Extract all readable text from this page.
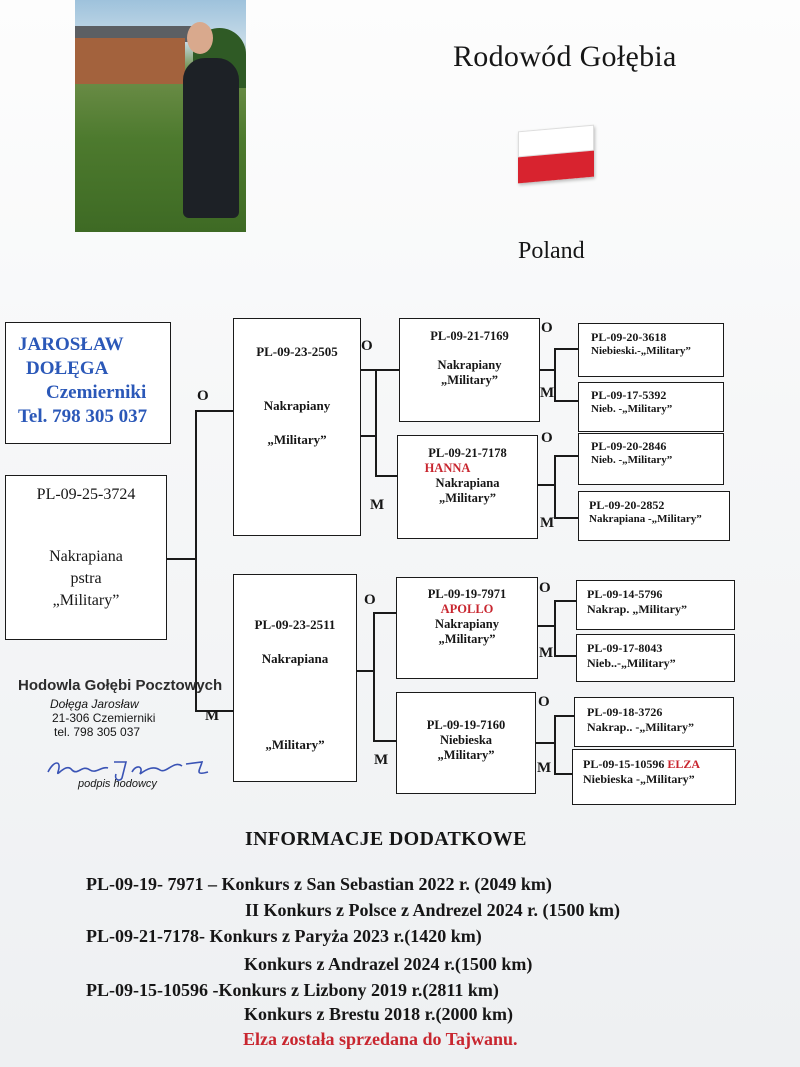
Rodowód Gołębia
Poland
JAROSŁAW
DOŁĘGA
Czemierniki
Tel. 798 305 037
PL-09-25-3724
Nakrapiana
pstra
„Military”
O
M
PL-09-23-2505
Nakrapiany
„Military”
PL-09-23-2511
Nakrapiana
„Military”
O
M
O
M
PL-09-21-7169
Nakrapiany
„Military”
PL-09-21-7178
HANNA
Nakrapiana
„Military”
PL-09-19-7971
APOLLO
Nakrapiany
„Military”
PL-09-19-7160
Niebieska
„Military”
O
M
O
M
O
M
O
M
PL-09-20-3618
Niebieski.-„Military”
PL-09-17-5392
Nieb. -„Military”
PL-09-20-2846
Nieb. -„Military”
PL-09-20-2852
Nakrapiana -„Military”
PL-09-14-5796
Nakrap. „Military”
PL-09-17-8043
Nieb..-„Military”
PL-09-18-3726
Nakrap.. -„Military”
PL-09-15-10596 ELZA
Niebieska -„Military”
Hodowla Gołębi Pocztowych
Dołęga Jarosław
21-306 Czemierniki
tel. 798 305 037
podpis hodowcy
INFORMACJE DODATKOWE
PL-09-19- 7971 – Konkurs z San Sebastian 2022 r. (2049 km)
II Konkurs z Polsce z Andrezel 2024 r. (1500 km)
PL-09-21-7178- Konkurs z Paryża 2023 r.(1420 km)
Konkurs z Andrazel 2024 r.(1500 km)
PL-09-15-10596 -Konkurs z Lizbony 2019 r.(2811 km)
Konkurs z Brestu 2018 r.(2000 km)
Elza została sprzedana do Tajwanu.
